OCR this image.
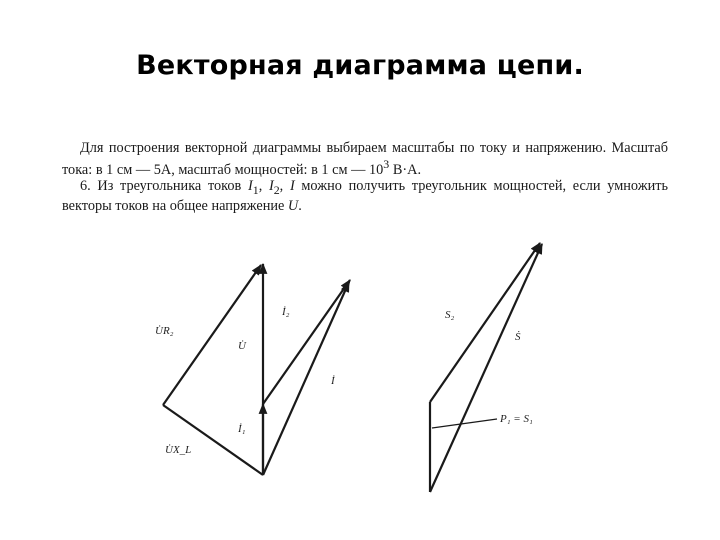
Векторная диаграмма цепи.

Для построения векторной диаграммы выбираем масштабы по току и напряжению. Масштаб тока: в 1 см — 5А, масштаб мощностей: в 1 см — $10^3$ В·А.

6. Из треугольника токов $I_1$, $I_2$, I можно получить треугольник мощностей, если умножить векторы токов на общее напряжение U.

U̇R₂
U̇
İ₂
İ
İ₁
U̇X_L
S₂
Ṡ
P₁ = S₁
